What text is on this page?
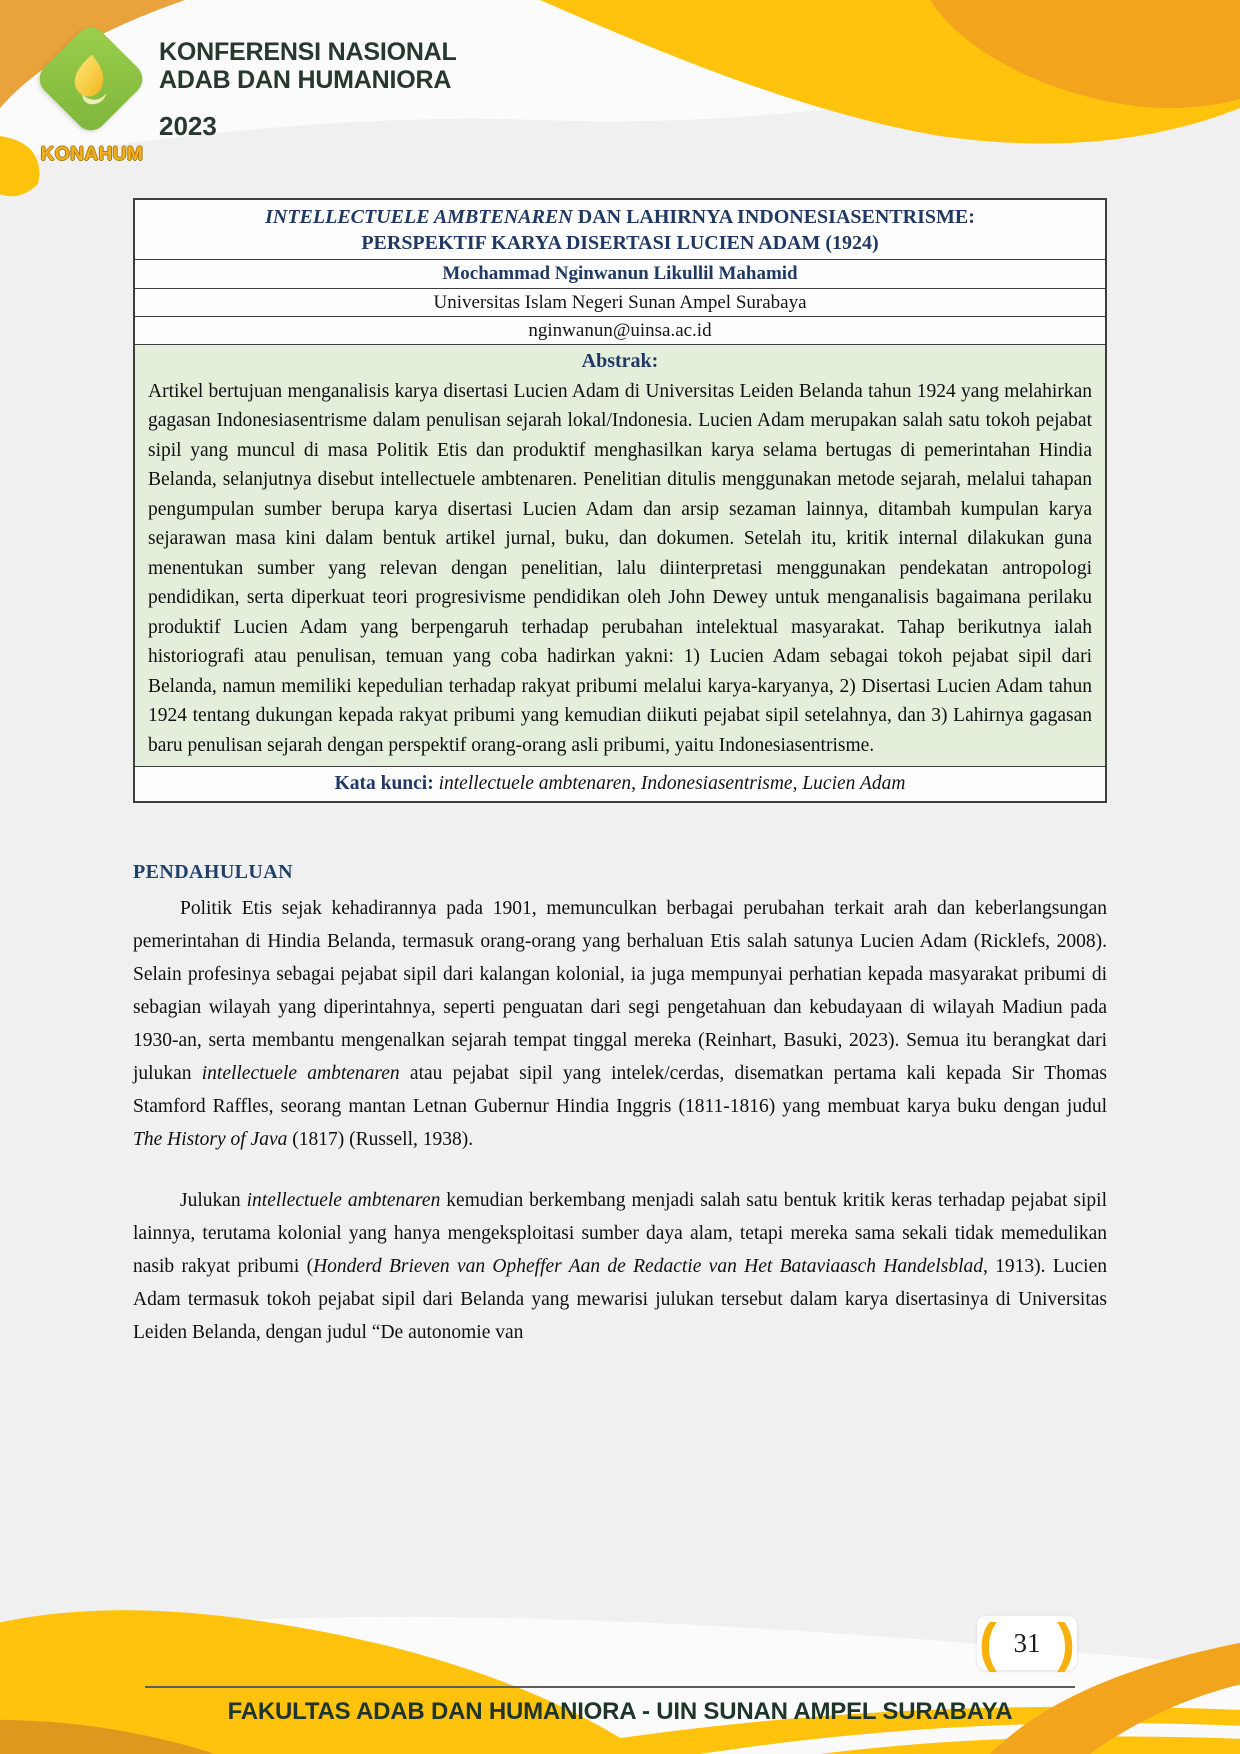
KONAHUM
KONFERENSI NASIONAL
ADAB DAN HUMANIORA
2023
INTELLECTUELE AMBTENAREN DAN LAHIRNYA INDONESIASENTRISME:
PERSPEKTIF KARYA DISERTASI LUCIEN ADAM (1924)
Mochammad Nginwanun Likullil Mahamid
Universitas Islam Negeri Sunan Ampel Surabaya
nginwanun@uinsa.ac.id
Abstrak:
Artikel bertujuan menganalisis karya disertasi Lucien Adam di Universitas Leiden Belanda tahun 1924 yang melahirkan gagasan Indonesiasentrisme dalam penulisan sejarah lokal/Indonesia. Lucien Adam merupakan salah satu tokoh pejabat sipil yang muncul di masa Politik Etis dan produktif menghasilkan karya selama bertugas di pemerintahan Hindia Belanda, selanjutnya disebut intellectuele ambtenaren. Penelitian ditulis menggunakan metode sejarah, melalui tahapan pengumpulan sumber berupa karya disertasi Lucien Adam dan arsip sezaman lainnya, ditambah kumpulan karya sejarawan masa kini dalam bentuk artikel jurnal, buku, dan dokumen. Setelah itu, kritik internal dilakukan guna menentukan sumber yang relevan dengan penelitian, lalu diinterpretasi menggunakan pendekatan antropologi pendidikan, serta diperkuat teori progresivisme pendidikan oleh John Dewey untuk menganalisis bagaimana perilaku produktif Lucien Adam yang berpengaruh terhadap perubahan intelektual masyarakat. Tahap berikutnya ialah historiografi atau penulisan, temuan yang coba hadirkan yakni: 1) Lucien Adam sebagai tokoh pejabat sipil dari Belanda, namun memiliki kepedulian terhadap rakyat pribumi melalui karya-karyanya, 2) Disertasi Lucien Adam tahun 1924 tentang dukungan kepada rakyat pribumi yang kemudian diikuti pejabat sipil setelahnya, dan 3) Lahirnya gagasan baru penulisan sejarah dengan perspektif orang-orang asli pribumi, yaitu Indonesiasentrisme.
Kata kunci: intellectuele ambtenaren, Indonesiasentrisme, Lucien Adam
PENDAHULUAN

Politik Etis sejak kehadirannya pada 1901, memunculkan berbagai perubahan terkait arah dan keberlangsungan pemerintahan di Hindia Belanda, termasuk orang-orang yang berhaluan Etis salah satunya Lucien Adam (Ricklefs, 2008). Selain profesinya sebagai pejabat sipil dari kalangan kolonial, ia juga mempunyai perhatian kepada masyarakat pribumi di sebagian wilayah yang diperintahnya, seperti penguatan dari segi pengetahuan dan kebudayaan di wilayah Madiun pada 1930-an, serta membantu mengenalkan sejarah tempat tinggal mereka (Reinhart, Basuki, 2023). Semua itu berangkat dari julukan intellectuele ambtenaren atau pejabat sipil yang intelek/cerdas, disematkan pertama kali kepada Sir Thomas Stamford Raffles, seorang mantan Letnan Gubernur Hindia Inggris (1811-1816) yang membuat karya buku dengan judul The History of Java (1817) (Russell, 1938).

Julukan intellectuele ambtenaren kemudian berkembang menjadi salah satu bentuk kritik keras terhadap pejabat sipil lainnya, terutama kolonial yang hanya mengeksploitasi sumber daya alam, tetapi mereka sama sekali tidak memedulikan nasib rakyat pribumi (Honderd Brieven van Opheffer Aan de Redactie van Het Bataviaasch Handelsblad, 1913). Lucien Adam termasuk tokoh pejabat sipil dari Belanda yang mewarisi julukan tersebut dalam karya disertasinya di Universitas Leiden Belanda, dengan judul “De autonomie van

( 31 )
FAKULTAS ADAB DAN HUMANIORA - UIN SUNAN AMPEL SURABAYA
